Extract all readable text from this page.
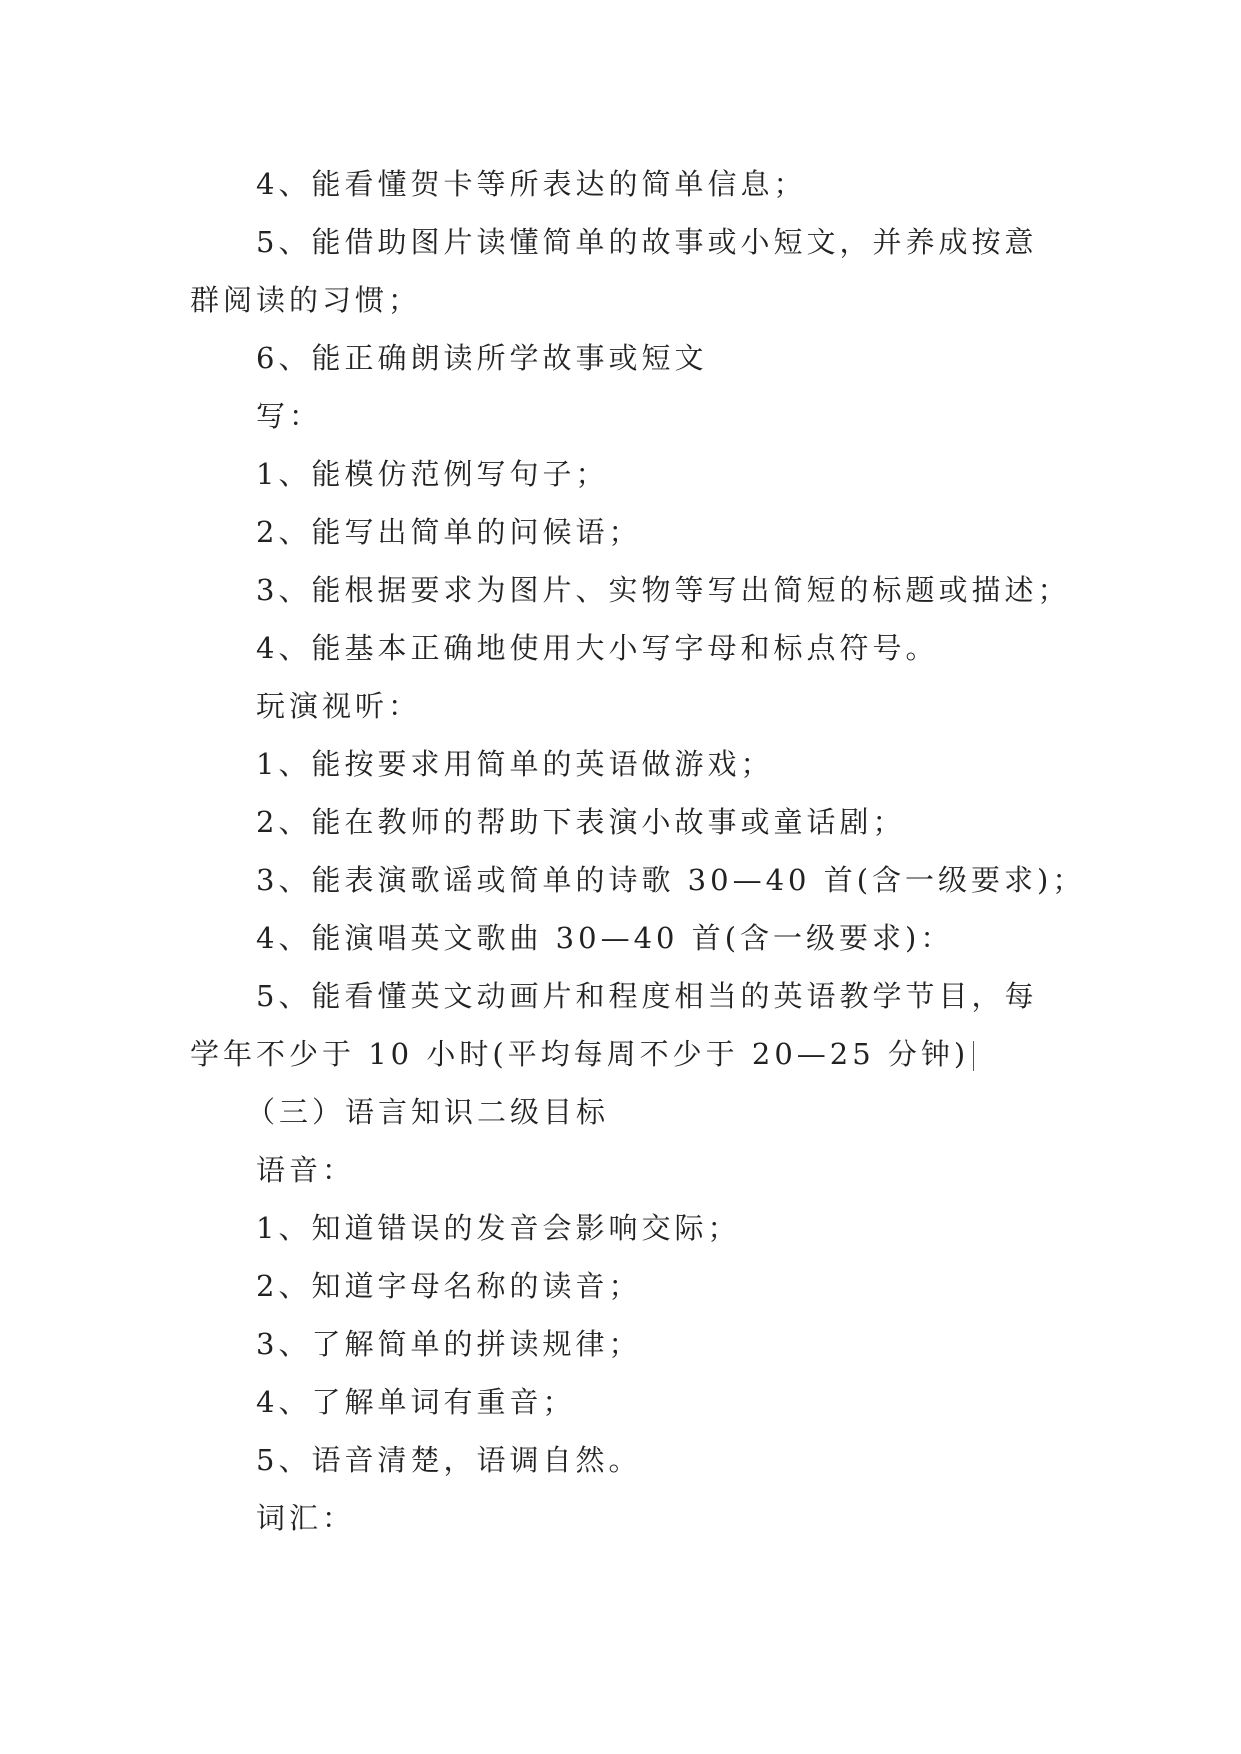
4、能看懂贺卡等所表达的简单信息；
5、能借助图片读懂简单的故事或小短文，并养成按意
群阅读的习惯；
6、能正确朗读所学故事或短文
写：
1、能模仿范例写句子；
2、能写出简单的问候语；
3、能根据要求为图片、实物等写出简短的标题或描述；
4、能基本正确地使用大小写字母和标点符号。
玩演视听：
1、能按要求用简单的英语做游戏；
2、能在教师的帮助下表演小故事或童话剧；
3、能表演歌谣或简单的诗歌 30—40 首(含一级要求)；
4、能演唱英文歌曲 30—40 首(含一级要求)：
5、能看懂英文动画片和程度相当的英语教学节目，每
学年不少于 10 小时(平均每周不少于 20—25 分钟)
（三）语言知识二级目标
语音：
1、知道错误的发音会影响交际；
2、知道字母名称的读音；
3、了解简单的拼读规律；
4、了解单词有重音；
5、语音清楚，语调自然。
词汇：
